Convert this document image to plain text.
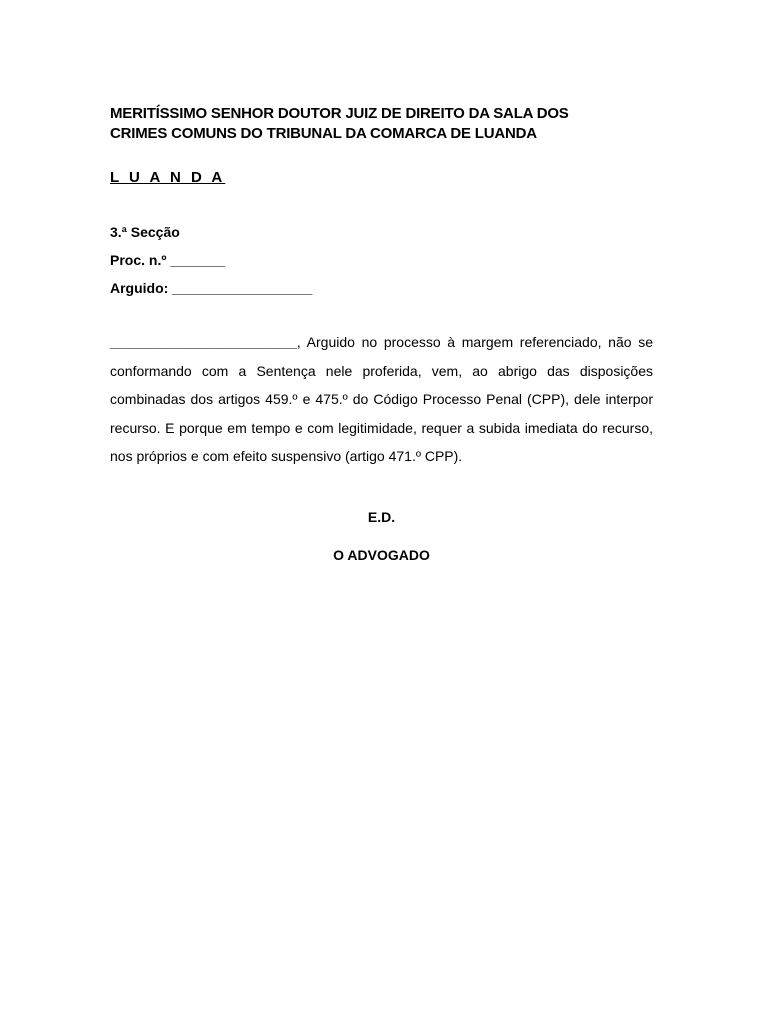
MERITÍSSIMO SENHOR DOUTOR JUIZ DE DIREITO DA SALA DOS
CRIMES COMUNS DO TRIBUNAL DA COMARCA DE LUANDA
L U A N D A
3.ª Secção
Proc. n.º _______
Arguido: __________________
________________________, Arguido no processo à margem referenciado, não se conformando com a Sentença nele proferida, vem, ao abrigo das disposições combinadas dos artigos 459.º e 475.º do Código Processo Penal (CPP), dele interpor recurso. E porque em tempo e com legitimidade, requer a subida imediata do recurso, nos próprios e com efeito suspensivo (artigo 471.º CPP).
E.D.
O ADVOGADO
